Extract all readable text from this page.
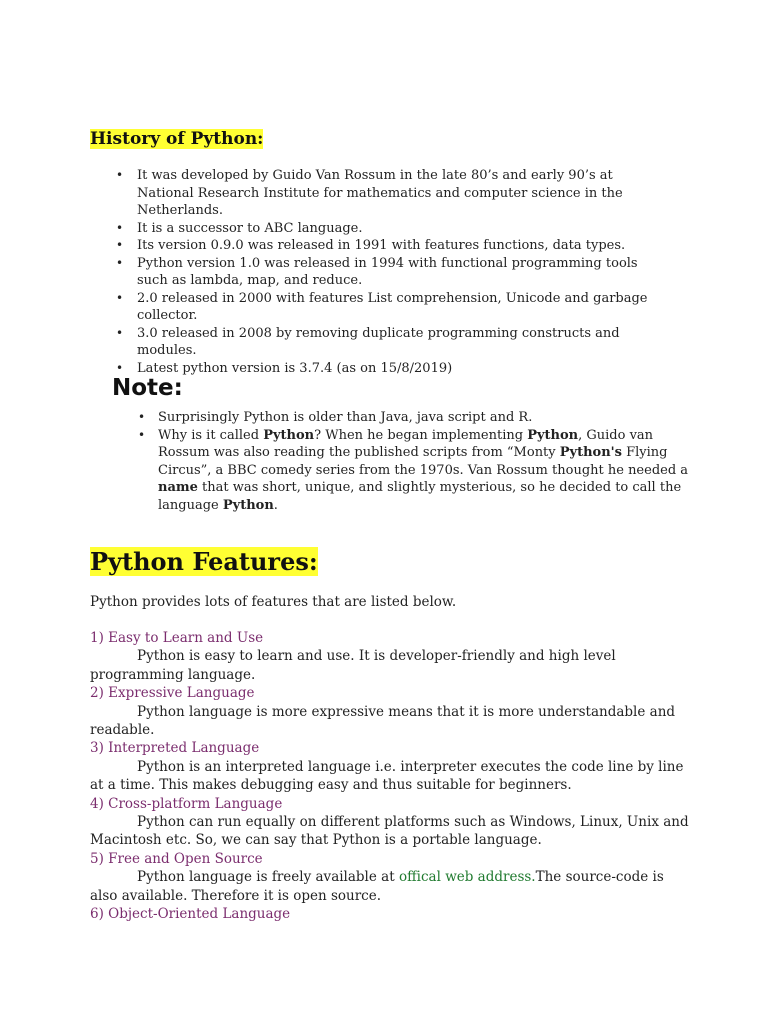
History of Python:
• It was developed by Guido Van Rossum in the late 80’s and early 90’s at National Research Institute for mathematics and computer science in the Netherlands.
• It is a successor to ABC language.
• Its version 0.9.0 was released in 1991 with features functions, data types.
• Python version 1.0 was released in 1994 with functional programming tools such as lambda, map, and reduce.
• 2.0 released in 2000 with features List comprehension, Unicode and garbage collector.
• 3.0 released in 2008 by removing duplicate programming constructs and modules.
• Latest python version is 3.7.4 (as on 15/8/2019)
Note:
• Surprisingly Python is older than Java, java script and R.
• Why is it called Python? When he began implementing Python, Guido van Rossum was also reading the published scripts from “Monty Python's Flying Circus”, a BBC comedy series from the 1970s. Van Rossum thought he needed a name that was short, unique, and slightly mysterious, so he decided to call the language Python.
Python Features:

Python provides lots of features that are listed below.

1) Easy to Learn and Use
Python is easy to learn and use. It is developer-friendly and high level programming language.
2) Expressive Language
Python language is more expressive means that it is more understandable and readable.
3) Interpreted Language
Python is an interpreted language i.e. interpreter executes the code line by line at a time. This makes debugging easy and thus suitable for beginners.
4) Cross-platform Language
Python can run equally on different platforms such as Windows, Linux, Unix and Macintosh etc. So, we can say that Python is a portable language.
5) Free and Open Source
Python language is freely available at offical web address.The source-code is also available. Therefore it is open source.
6) Object-Oriented Language
